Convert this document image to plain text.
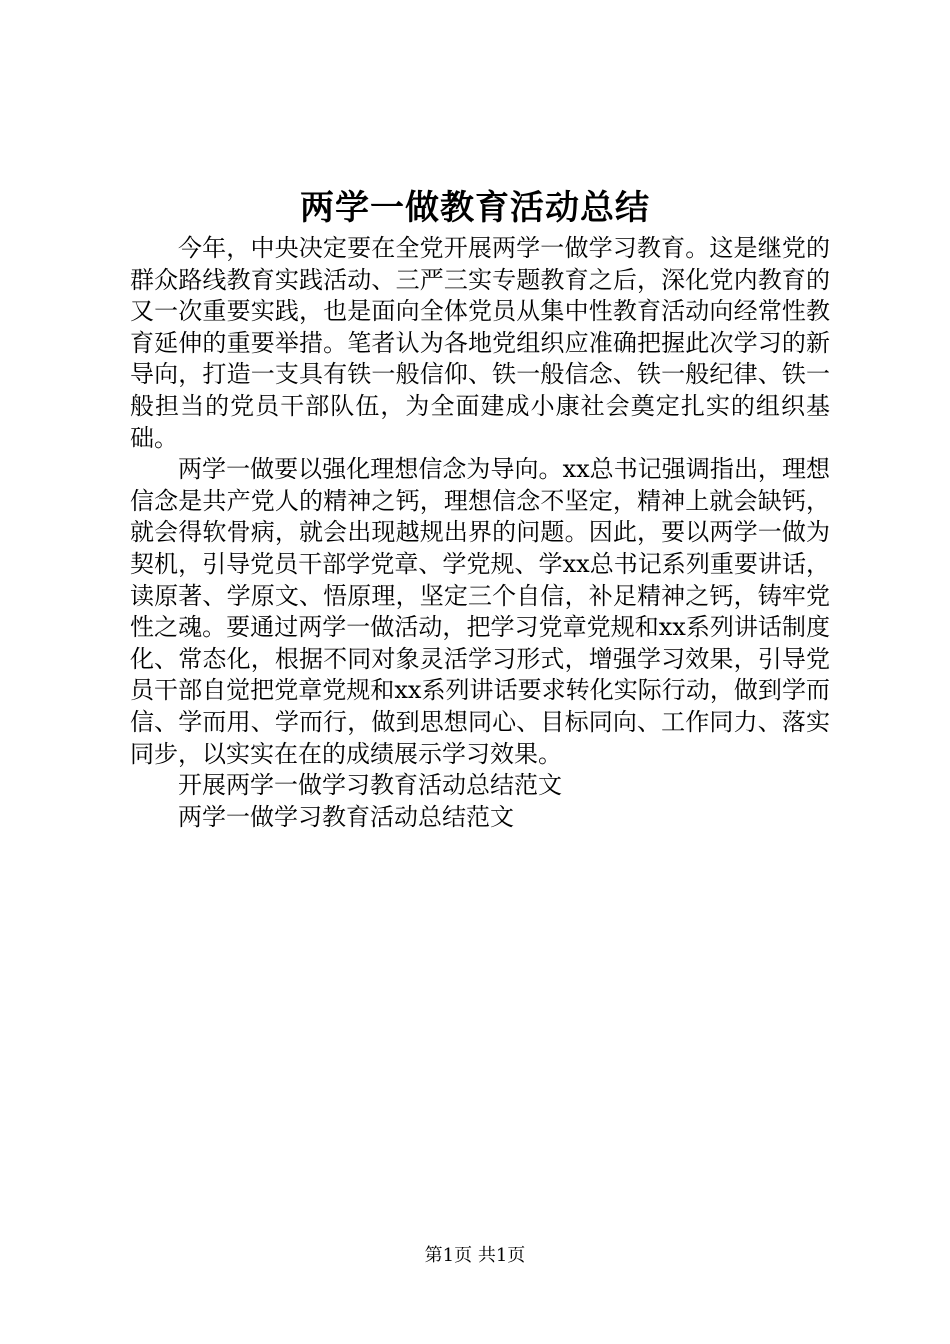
两学一做教育活动总结

今年，中央决定要在全党开展两学一做学习教育。这是继党的群众路线教育实践活动、三严三实专题教育之后，深化党内教育的又一次重要实践，也是面向全体党员从集中性教育活动向经常性教育延伸的重要举措。笔者认为各地党组织应准确把握此次学习的新导向，打造一支具有铁一般信仰、铁一般信念、铁一般纪律、铁一般担当的党员干部队伍，为全面建成小康社会奠定扎实的组织基础。

两学一做要以强化理想信念为导向。xx总书记强调指出，理想信念是共产党人的精神之钙，理想信念不坚定，精神上就会缺钙，就会得软骨病，就会出现越规出界的问题。因此，要以两学一做为契机，引导党员干部学党章、学党规、学xx总书记系列重要讲话，读原著、学原文、悟原理，坚定三个自信，补足精神之钙，铸牢党性之魂。要通过两学一做活动，把学习党章党规和xx系列讲话制度化、常态化，根据不同对象灵活学习形式，增强学习效果，引导党员干部自觉把党章党规和xx系列讲话要求转化实际行动，做到学而信、学而用、学而行，做到思想同心、目标同向、工作同力、落实同步，以实实在在的成绩展示学习效果。

开展两学一做学习教育活动总结范文

两学一做学习教育活动总结范文

第1页 共1页
